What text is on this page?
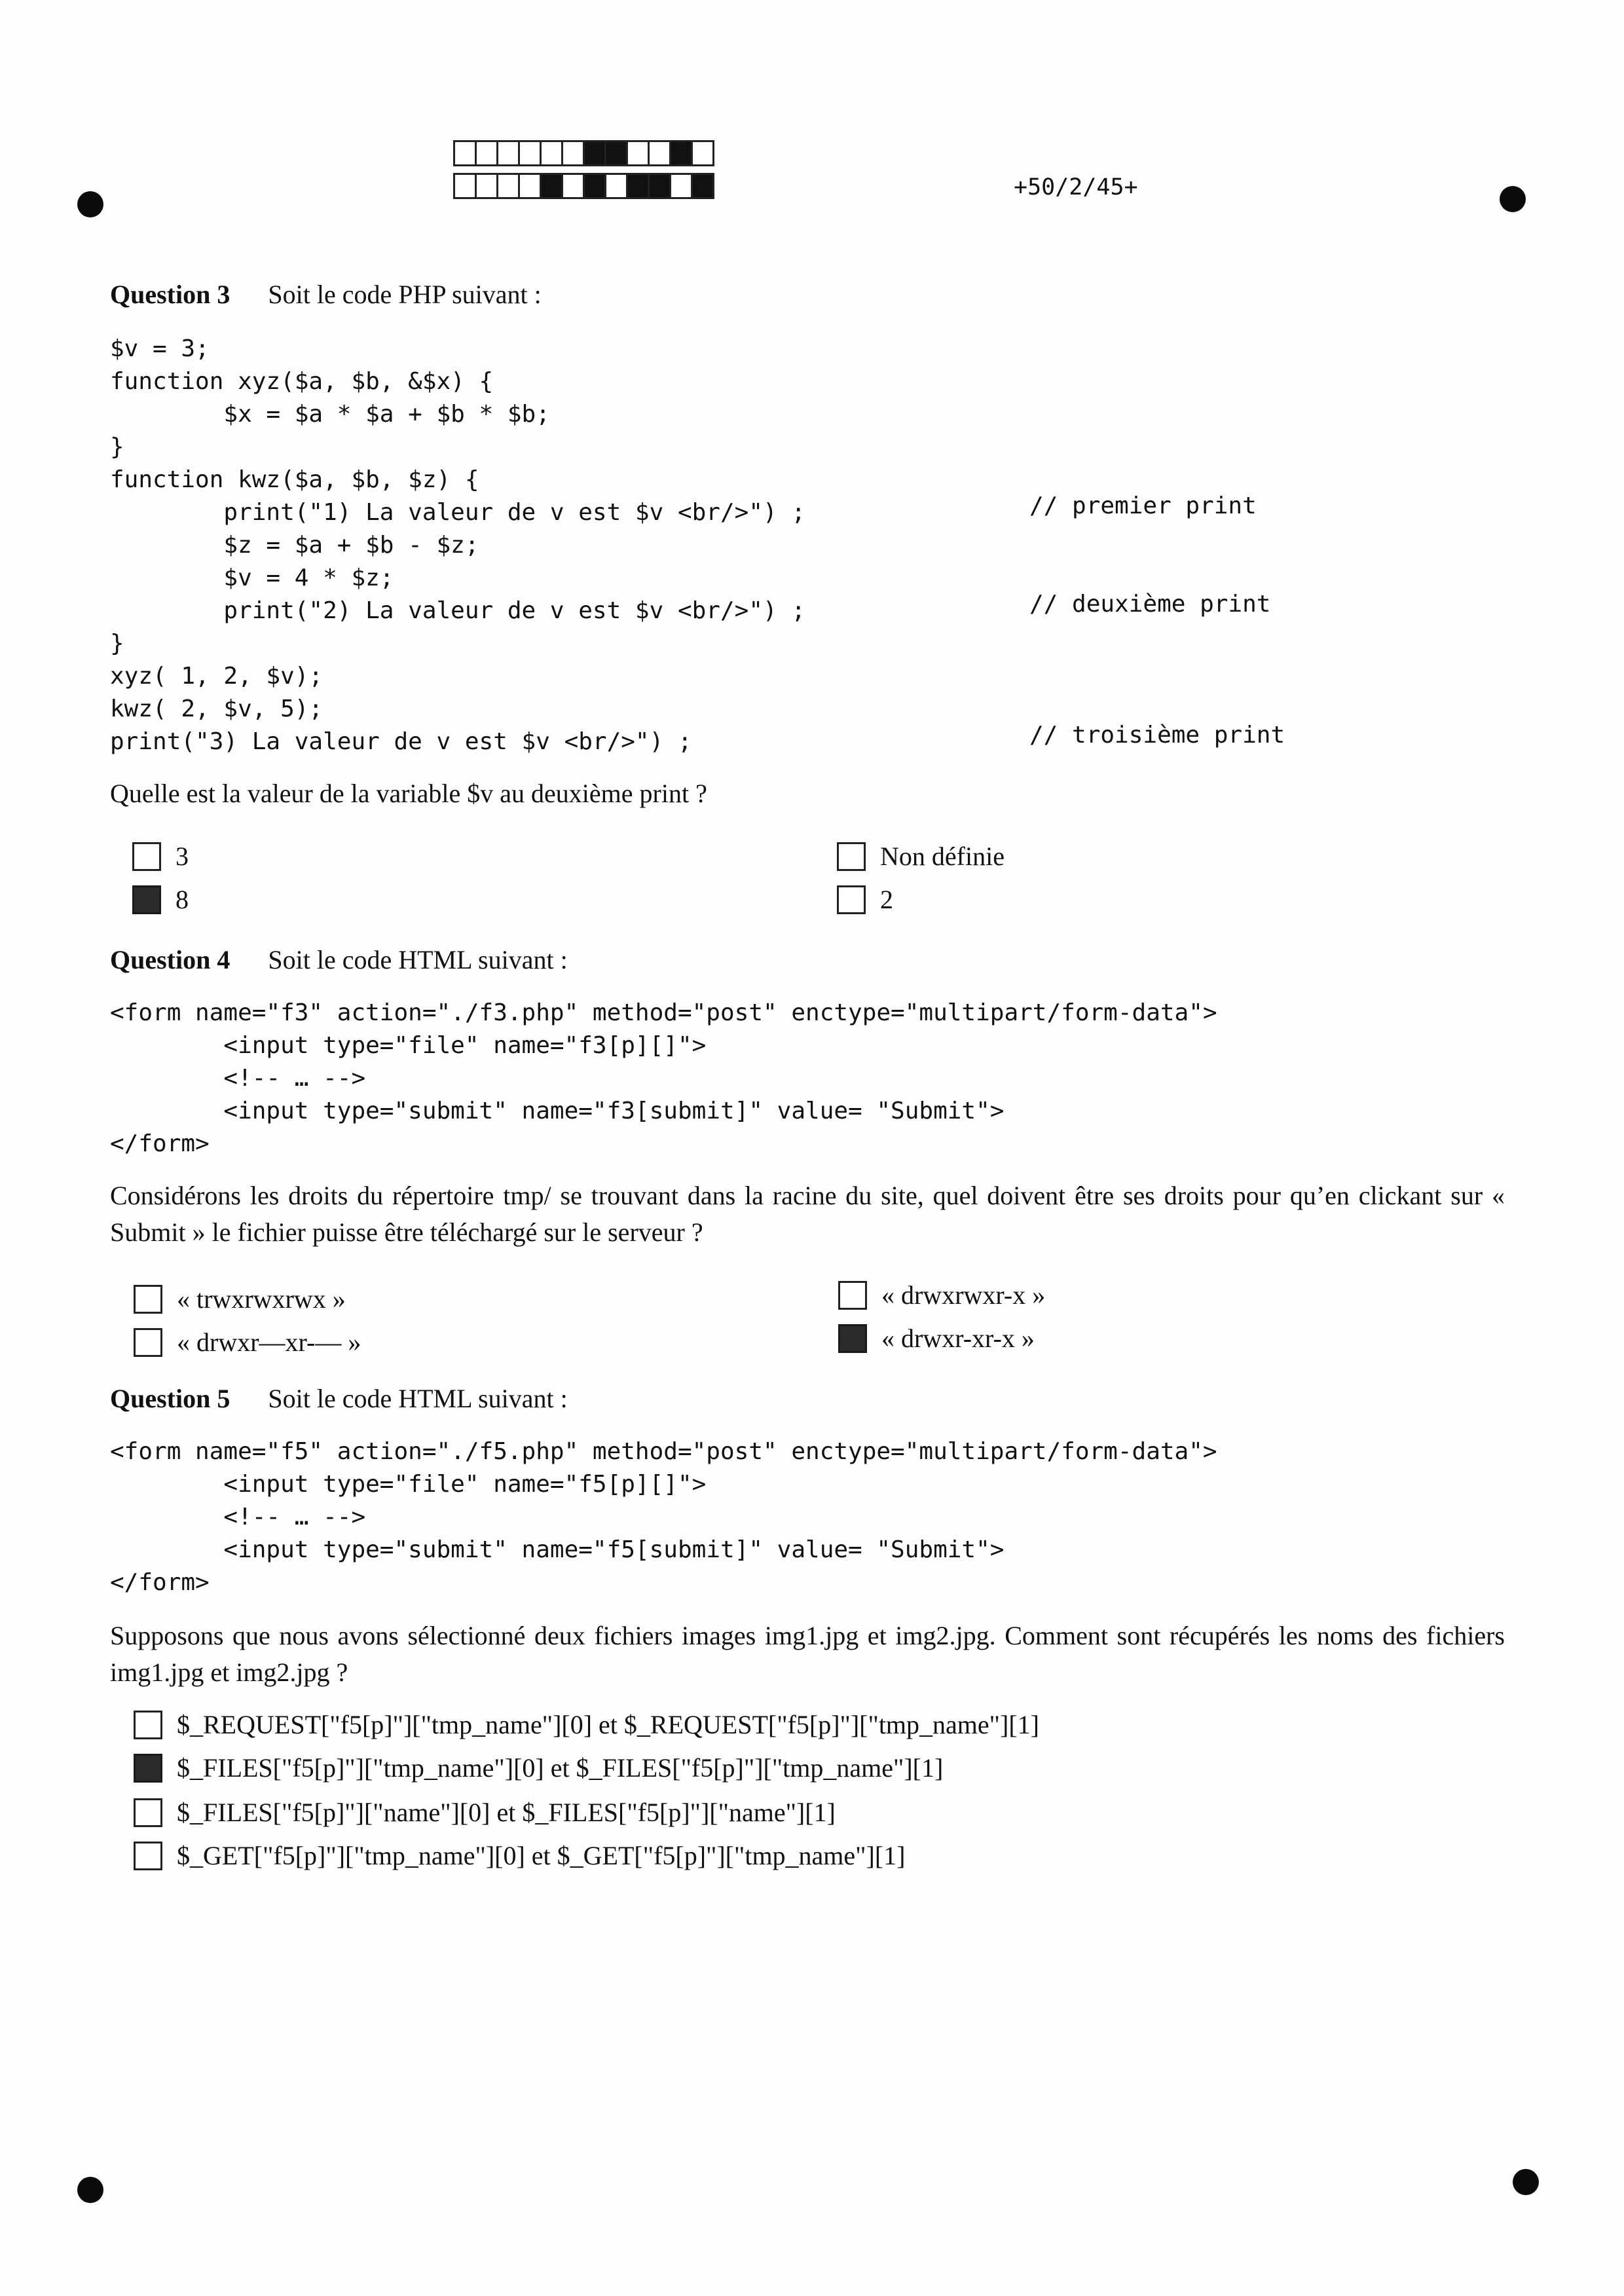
+50/2/45+
Question 3 Soit le code PHP suivant :
$v = 3;
function xyz($a, $b, &$x) {
$x = $a * $a + $b * $b;
}
function kwz($a, $b, $z) {
print("1) La valeur de v est $v <br/>") ;
$z = $a + $b - $z;
$v = 4 * $z;
print("2) La valeur de v est $v <br/>") ;
}
xyz( 1, 2, $v);
kwz( 2, $v, 5);
print("3) La valeur de v est $v <br/>") ;
// premier print
// deuxième print
// troisième print
Quelle est la valeur de la variable $v au deuxième print ?
3
8
Non définie
2
Question 4 Soit le code HTML suivant :
<form name="f3" action="./f3.php" method="post" enctype="multipart/form-data">
<input type="file" name="f3[p][]">
<!-- … -->
<input type="submit" name="f3[submit]" value= "Submit">
</form>
Considérons les droits du répertoire tmp/ se trouvant dans la racine du site, quel doivent être ses droits pour qu’en clickant sur « Submit » le fichier puisse être téléchargé sur le serveur ?
« trwxrwxrwx »
« drwxr—xr-— »
« drwxrwxr-x »
« drwxr-xr-x »
Question 5 Soit le code HTML suivant :
<form name="f5" action="./f5.php" method="post" enctype="multipart/form-data">
<input type="file" name="f5[p][]">
<!-- … -->
<input type="submit" name="f5[submit]" value= "Submit">
</form>
Supposons que nous avons sélectionné deux fichiers images img1.jpg et img2.jpg. Comment sont récupérés les noms des fichiers img1.jpg et img2.jpg ?
$_REQUEST["f5[p]"]["tmp_name"][0] et $_REQUEST["f5[p]"]["tmp_name"][1]
$_FILES["f5[p]"]["tmp_name"][0] et $_FILES["f5[p]"]["tmp_name"][1]
$_FILES["f5[p]"]["name"][0] et $_FILES["f5[p]"]["name"][1]
$_GET["f5[p]"]["tmp_name"][0] et $_GET["f5[p]"]["tmp_name"][1]
